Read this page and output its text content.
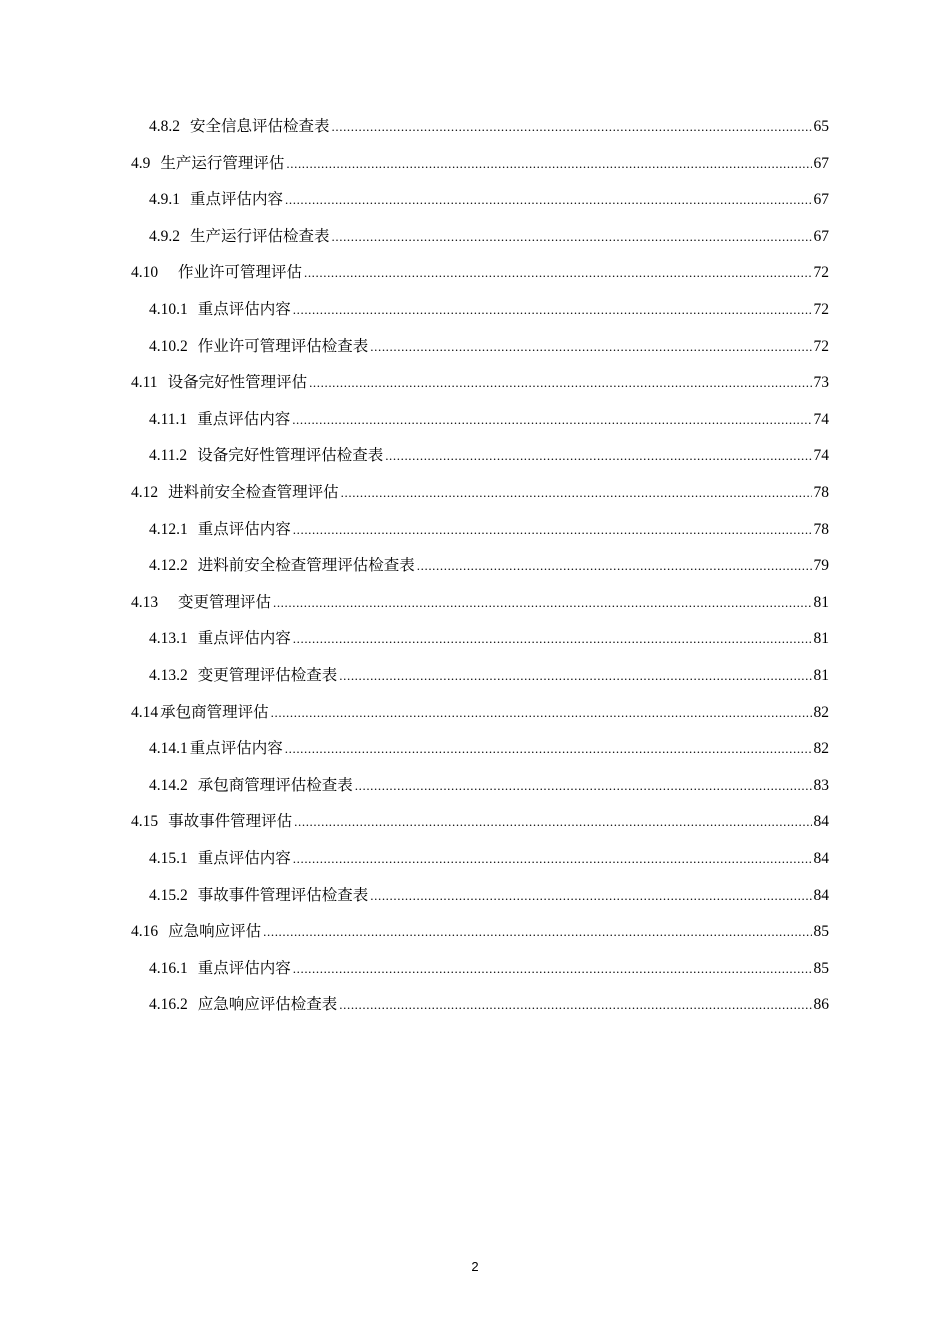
4.8.2 安全信息评估检查表 .....	65
4.9 生产运行管理评估 .....	67
4.9.1 重点评估内容 .....	67
4.9.2 生产运行评估检查表 .....	67
4.10 作业许可管理评估 .....	72
4.10.1 重点评估内容 .....	72
4.10.2 作业许可管理评估检查表 .....	72
4.11 设备完好性管理评估 .....	73
4.11.1 重点评估内容 .....	74
4.11.2 设备完好性管理评估检查表 .....	74
4.12 进料前安全检查管理评估 .....	78
4.12.1 重点评估内容 .....	78
4.12.2 进料前安全检查管理评估检查表 .....	79
4.13 变更管理评估 .....	81
4.13.1 重点评估内容 .....	81
4.13.2 变更管理评估检查表 .....	81
4.14 承包商管理评估 .....	82
4.14.1 重点评估内容 .....	82
4.14.2 承包商管理评估检查表 .....	83
4.15 事故事件管理评估 .....	84
4.15.1 重点评估内容 .....	84
4.15.2 事故事件管理评估检查表 .....	84
4.16 应急响应评估 .....	85
4.16.1 重点评估内容 .....	85
4.16.2 应急响应评估检查表 .....	86
2
